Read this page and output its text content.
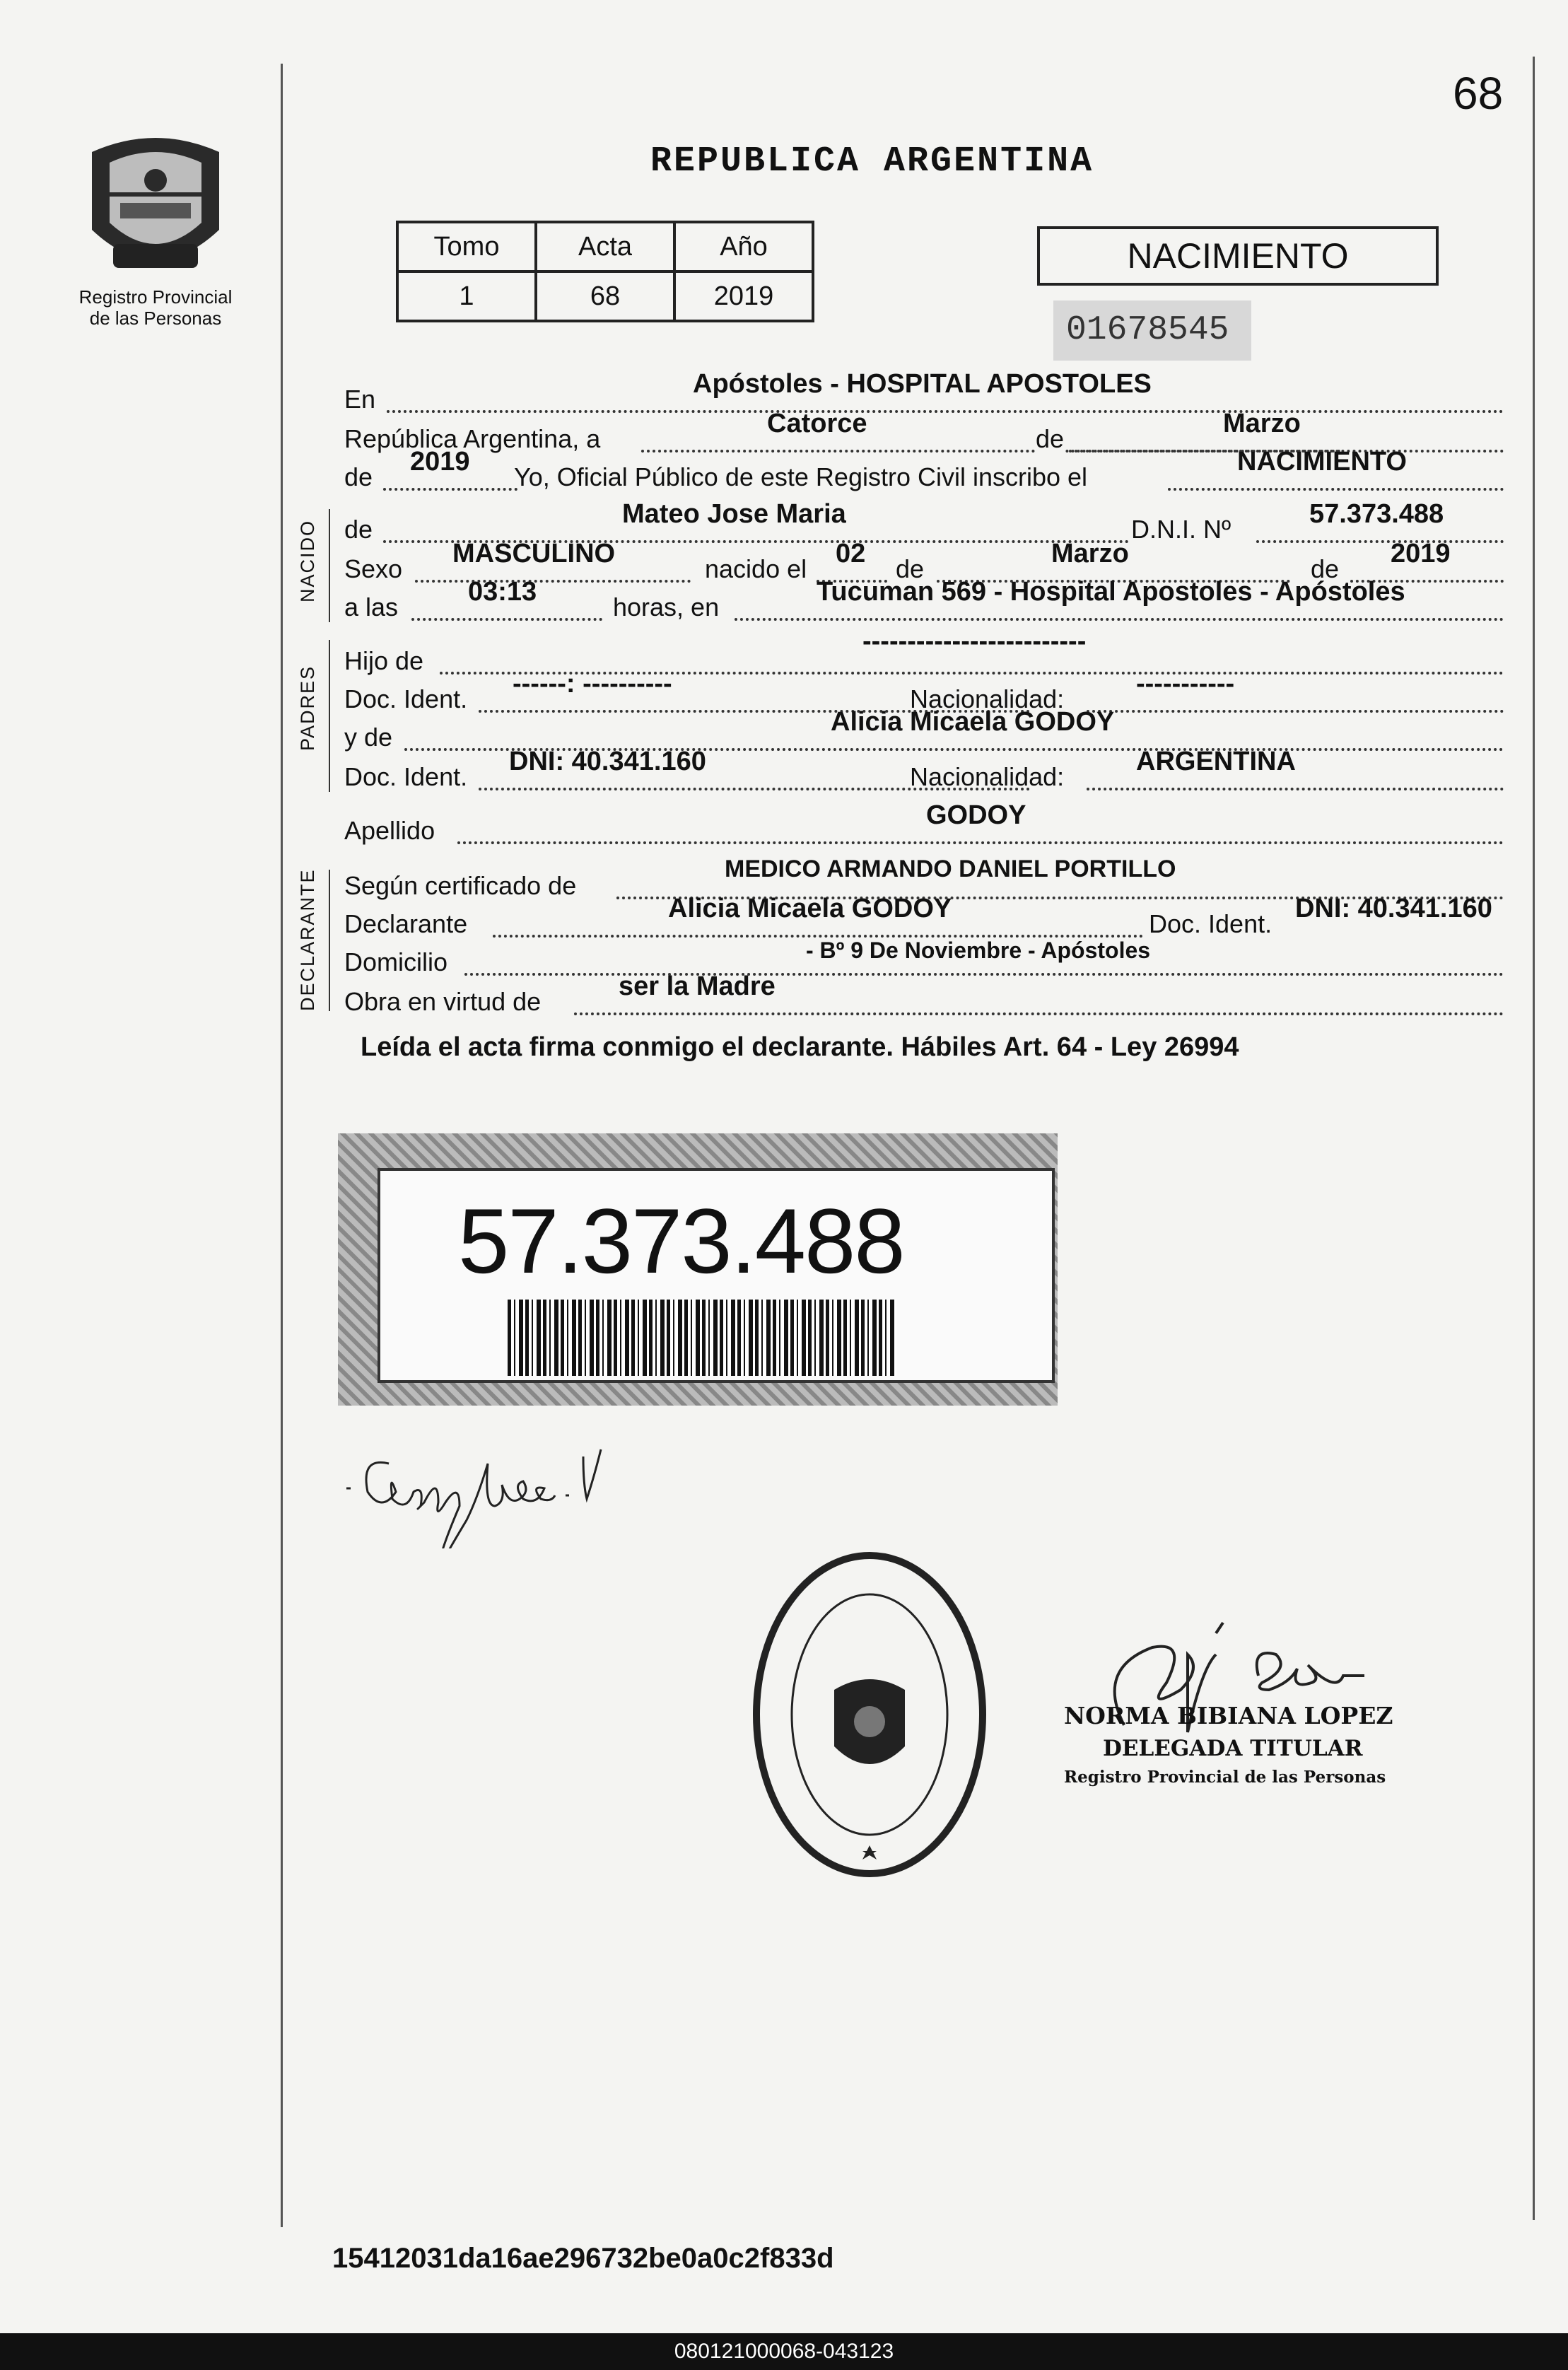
68
Registro Provincial
de las Personas
REPUBLICA ARGENTINA
Tomo	Acta	Año
1	68	2019
NACIMIENTO
01678545
En
Apóstoles - HOSPITAL APOSTOLES
República Argentina, a
Catorce
de
Marzo
de
2019
Yo, Oficial Público de este Registro Civil inscribo el
NACIMIENTO
NACIDO de
Mateo Jose Maria
D.N.I. Nº
57.373.488
Sexo
MASCULINO
nacido el
02
de
Marzo
de
2019
a las
03:13
horas, en
Tucuman 569 - Hospital Apostoles - Apóstoles
PADRES
Hijo de
-------------------------
Doc. Ident.
------: ----------
Nacionalidad:
-----------
y de
Alicia Micaela GODOY
Doc. Ident.
DNI: 40.341.160
Nacionalidad:
ARGENTINA
Apellido
GODOY
DECLARANTE Según certificado de
MEDICO ARMANDO DANIEL PORTILLO
Declarante
Alicia Micaela GODOY
Doc. Ident.
DNI: 40.341.160
Domicilio	- Bº 9 De Noviembre - Apóstoles
Obra en virtud de
ser la Madre
Leída el acta firma conmigo el declarante. Hábiles Art. 64 - Ley 26994
57.373.488
NORMA BIBIANA LOPEZ
DELEGADA TITULAR
Registro Provincial de las Personas
15412031da16ae296732be0a0c2f833d
080121000068-043123
